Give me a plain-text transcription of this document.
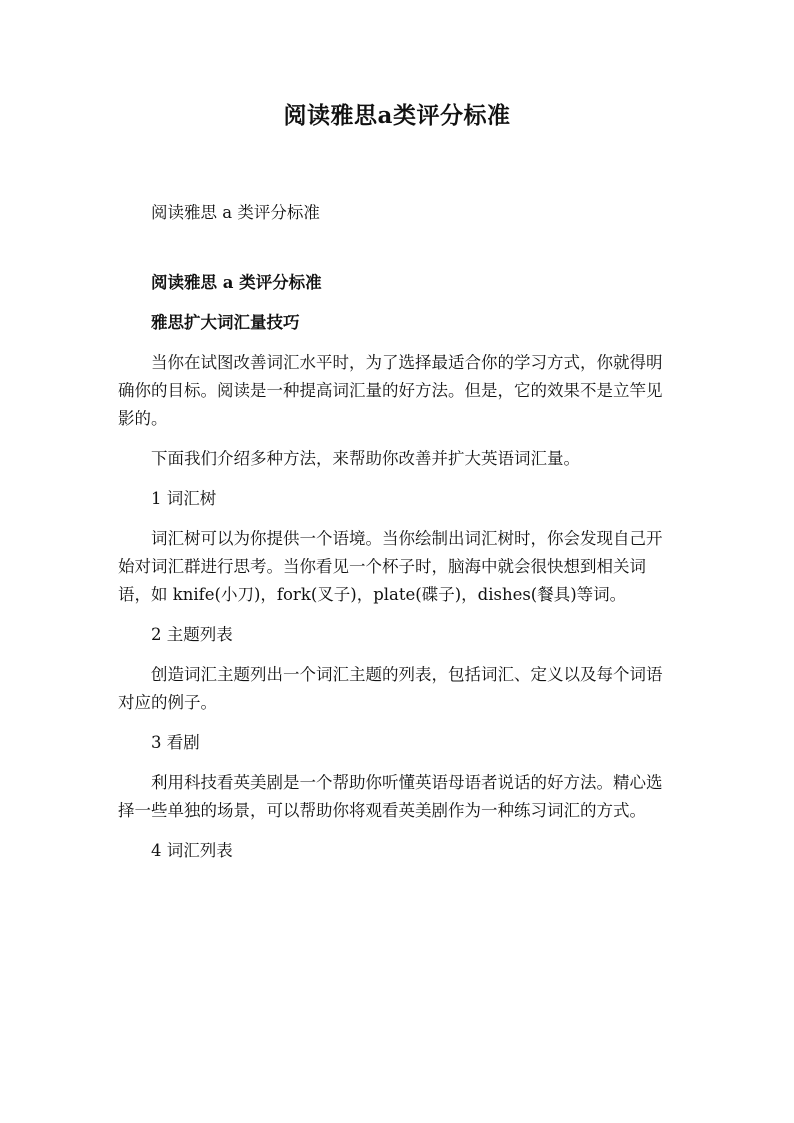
阅读雅思a类评分标准

阅读雅思 a 类评分标准

阅读雅思 a 类评分标准

雅思扩大词汇量技巧

当你在试图改善词汇水平时，为了选择最适合你的学习方式，你就得明确你的目标。阅读是一种提高词汇量的好方法。但是，它的效果不是立竿见影的。

下面我们介绍多种方法，来帮助你改善并扩大英语词汇量。

1 词汇树

词汇树可以为你提供一个语境。当你绘制出词汇树时，你会发现自己开始对词汇群进行思考。当你看见一个杯子时，脑海中就会很快想到相关词语，如 knife(小刀)，fork(叉子)，plate(碟子)，dishes(餐具)等词。

2 主题列表

创造词汇主题列出一个词汇主题的列表，包括词汇、定义以及每个词语对应的例子。

3 看剧

利用科技看英美剧是一个帮助你听懂英语母语者说话的好方法。精心选择一些单独的场景，可以帮助你将观看英美剧作为一种练习词汇的方式。

4 词汇列表
